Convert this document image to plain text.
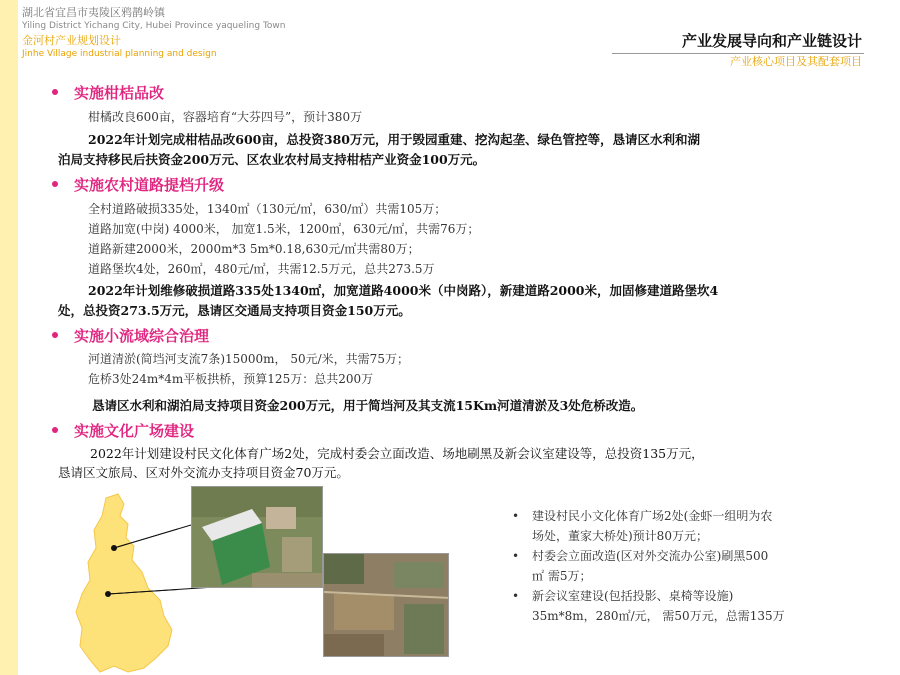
湖北省宜昌市夷陵区鸦鹊岭镇
Yiling District Yichang City, Hubei Province yaqueling Town
金河村产业规划设计
Jinhe Village industrial planning and design
产业发展导向和产业链设计
产业核心项目及其配套项目
实施柑桔品改
柑橘改良600亩，容器培育“大芬四号”，预计380万
2022年计划完成柑桔品改600亩，总投资380万元，用于毁园重建、挖沟起垄、绿色管控等，恳请区水利和湖
泊局支持移民后扶资金200万元、区农业农村局支持柑桔产业资金100万元。
实施农村道路提档升级
全村道路破损335处，1340㎡（130元/㎡，630/㎡）共需105万；
道路加宽(中岗) 4000米， 加宽1.5米，1200㎡，630元/㎡，共需76万；
道路新建2000米，2000m*3 5m*0.18,630元/㎡共需80万；
道路堡坎4处，260㎡，480元/㎡，共需12.5万元，总共273.5万
2022年计划维修破损道路335处1340㎡，加宽道路4000米（中岗路），新建道路2000米，加固修建道路堡坎4
处，总投资273.5万元，恳请区交通局支持项目资金150万元。
实施小流域综合治理
河道清淤(简垱河支流7条)15000m， 50元/米，共需75万；
危桥3处24m*4m平板拱桥，预算125万：总共200万
恳请区水利和湖泊局支持项目资金200万元，用于简垱河及其支流15Km河道清淤及3处危桥改造。
实施文化广场建设
2022年计划建设村民文化体育广场2处，完成村委会立面改造、场地刷黑及新会议室建设等，总投资135万元，
恳请区文旅局、区对外交流办支持项目资金70万元。
• 建设村民小文化体育广场2处(金虾一组明为农
场处，董家大桥处)预计80万元；
• 村委会立面改造(区对外交流办公室)刷黑500
㎡ 需5万；
• 新会议室建设(包括投影、桌椅等设施)
35m*8m，280㎡/元， 需50万元，总需135万
